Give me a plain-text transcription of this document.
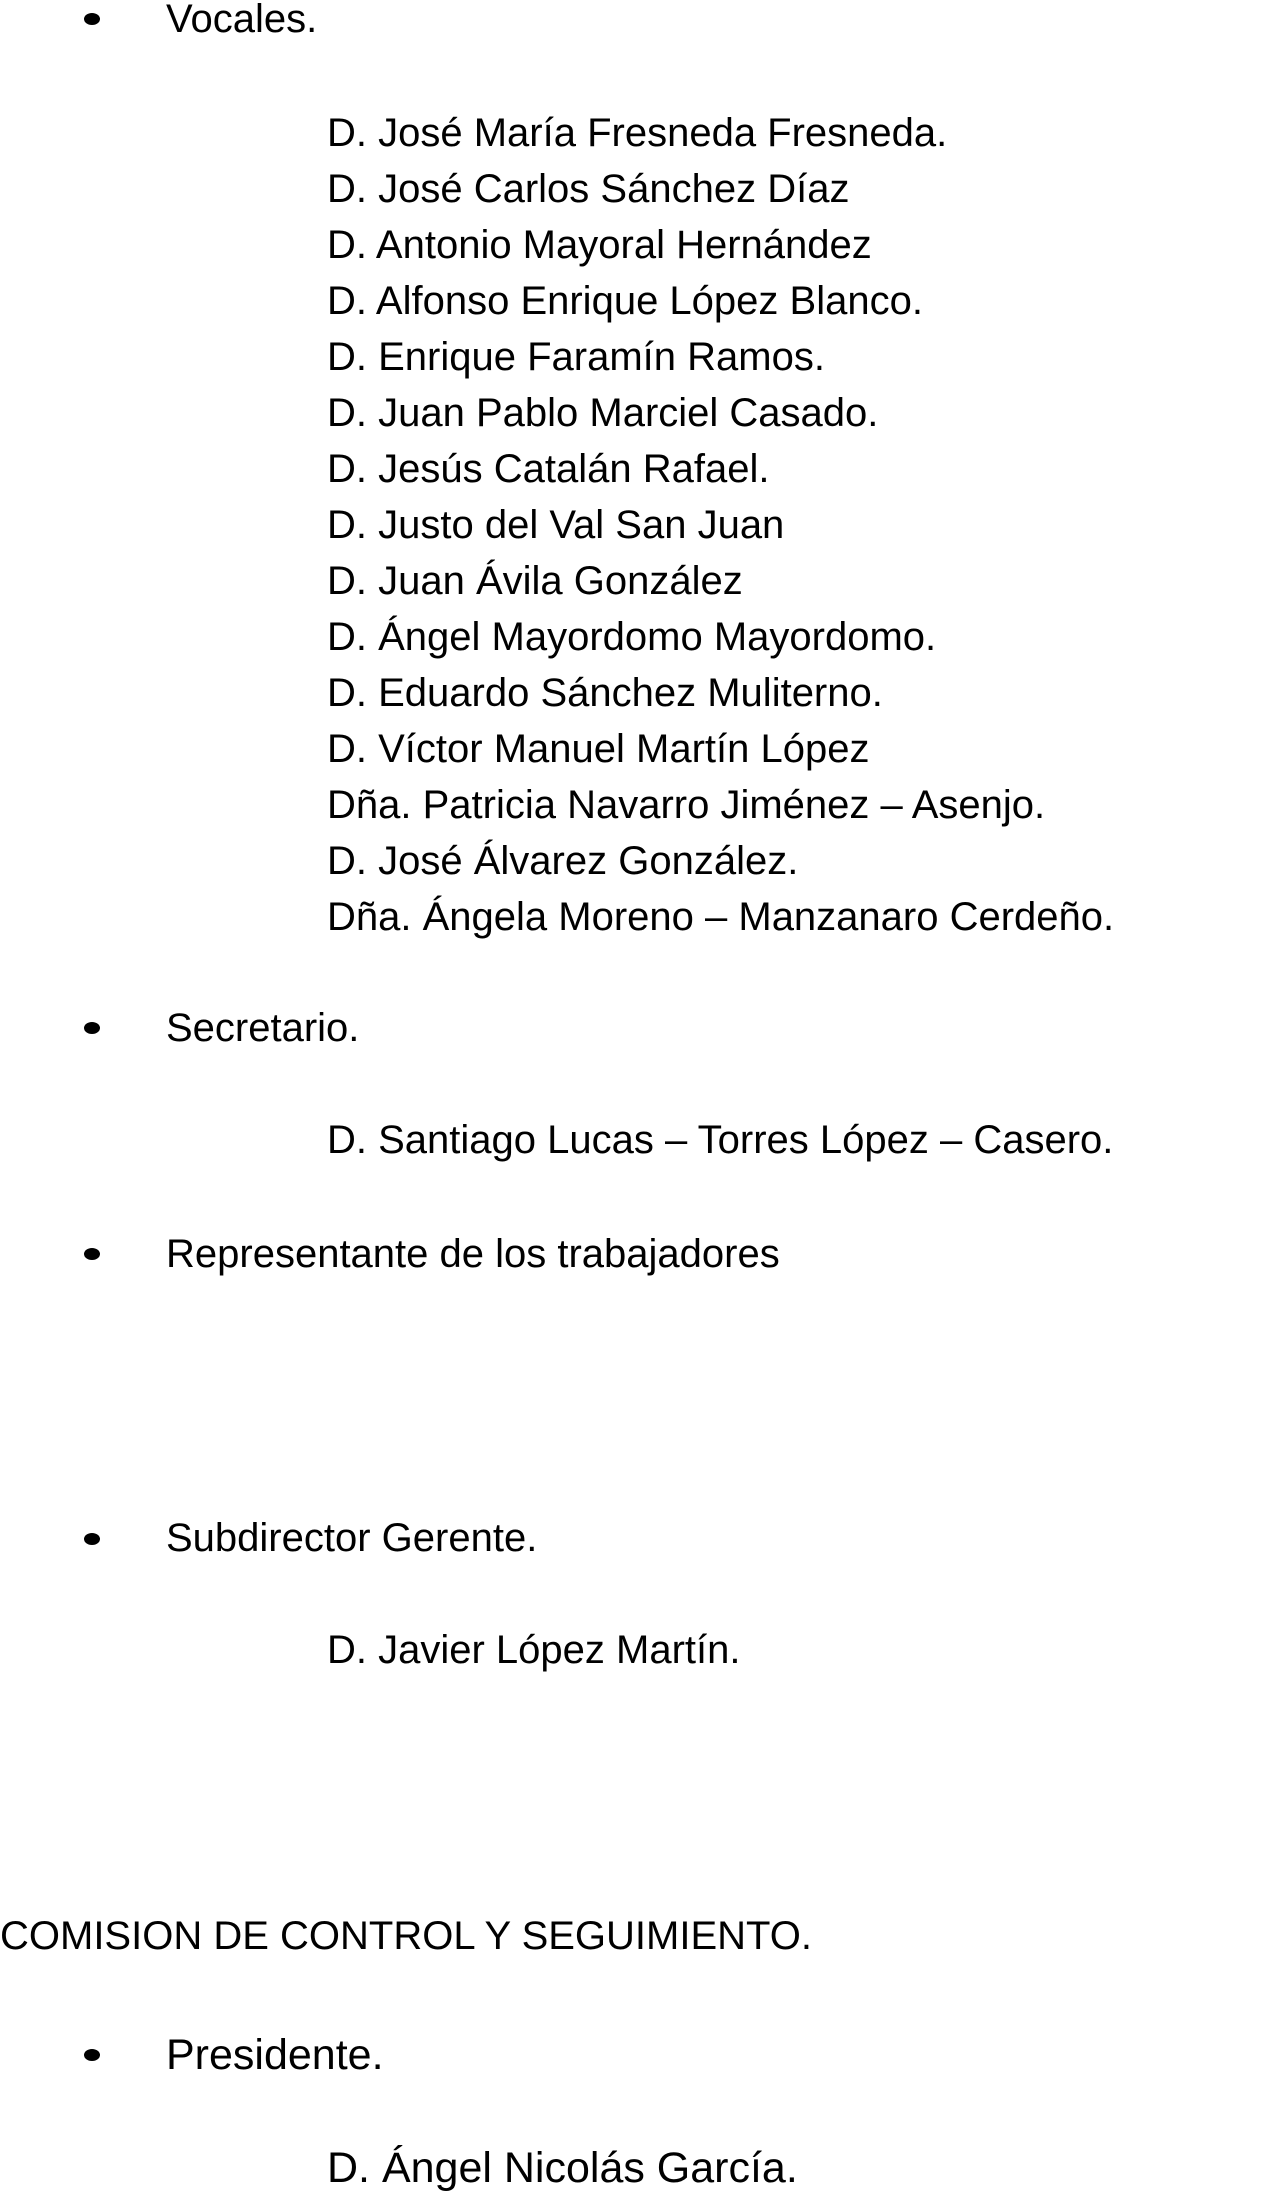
Vocales.
D. José María Fresneda Fresneda.
D. José Carlos Sánchez Díaz
D. Antonio Mayoral Hernández
D. Alfonso Enrique López Blanco.
D. Enrique Faramín Ramos.
D. Juan Pablo Marciel Casado.
D. Jesús Catalán Rafael.
D. Justo del Val San Juan
D. Juan Ávila González
D. Ángel Mayordomo Mayordomo.
D. Eduardo Sánchez Muliterno.
D. Víctor Manuel Martín López
Dña. Patricia Navarro Jiménez – Asenjo.
D. José Álvarez González.
Dña. Ángela Moreno – Manzanaro Cerdeño.
Secretario.
D. Santiago Lucas – Torres López – Casero.
Representante de los trabajadores
Subdirector Gerente.
D. Javier López Martín.
COMISION DE CONTROL Y SEGUIMIENTO.
Presidente.
D. Ángel Nicolás García.
